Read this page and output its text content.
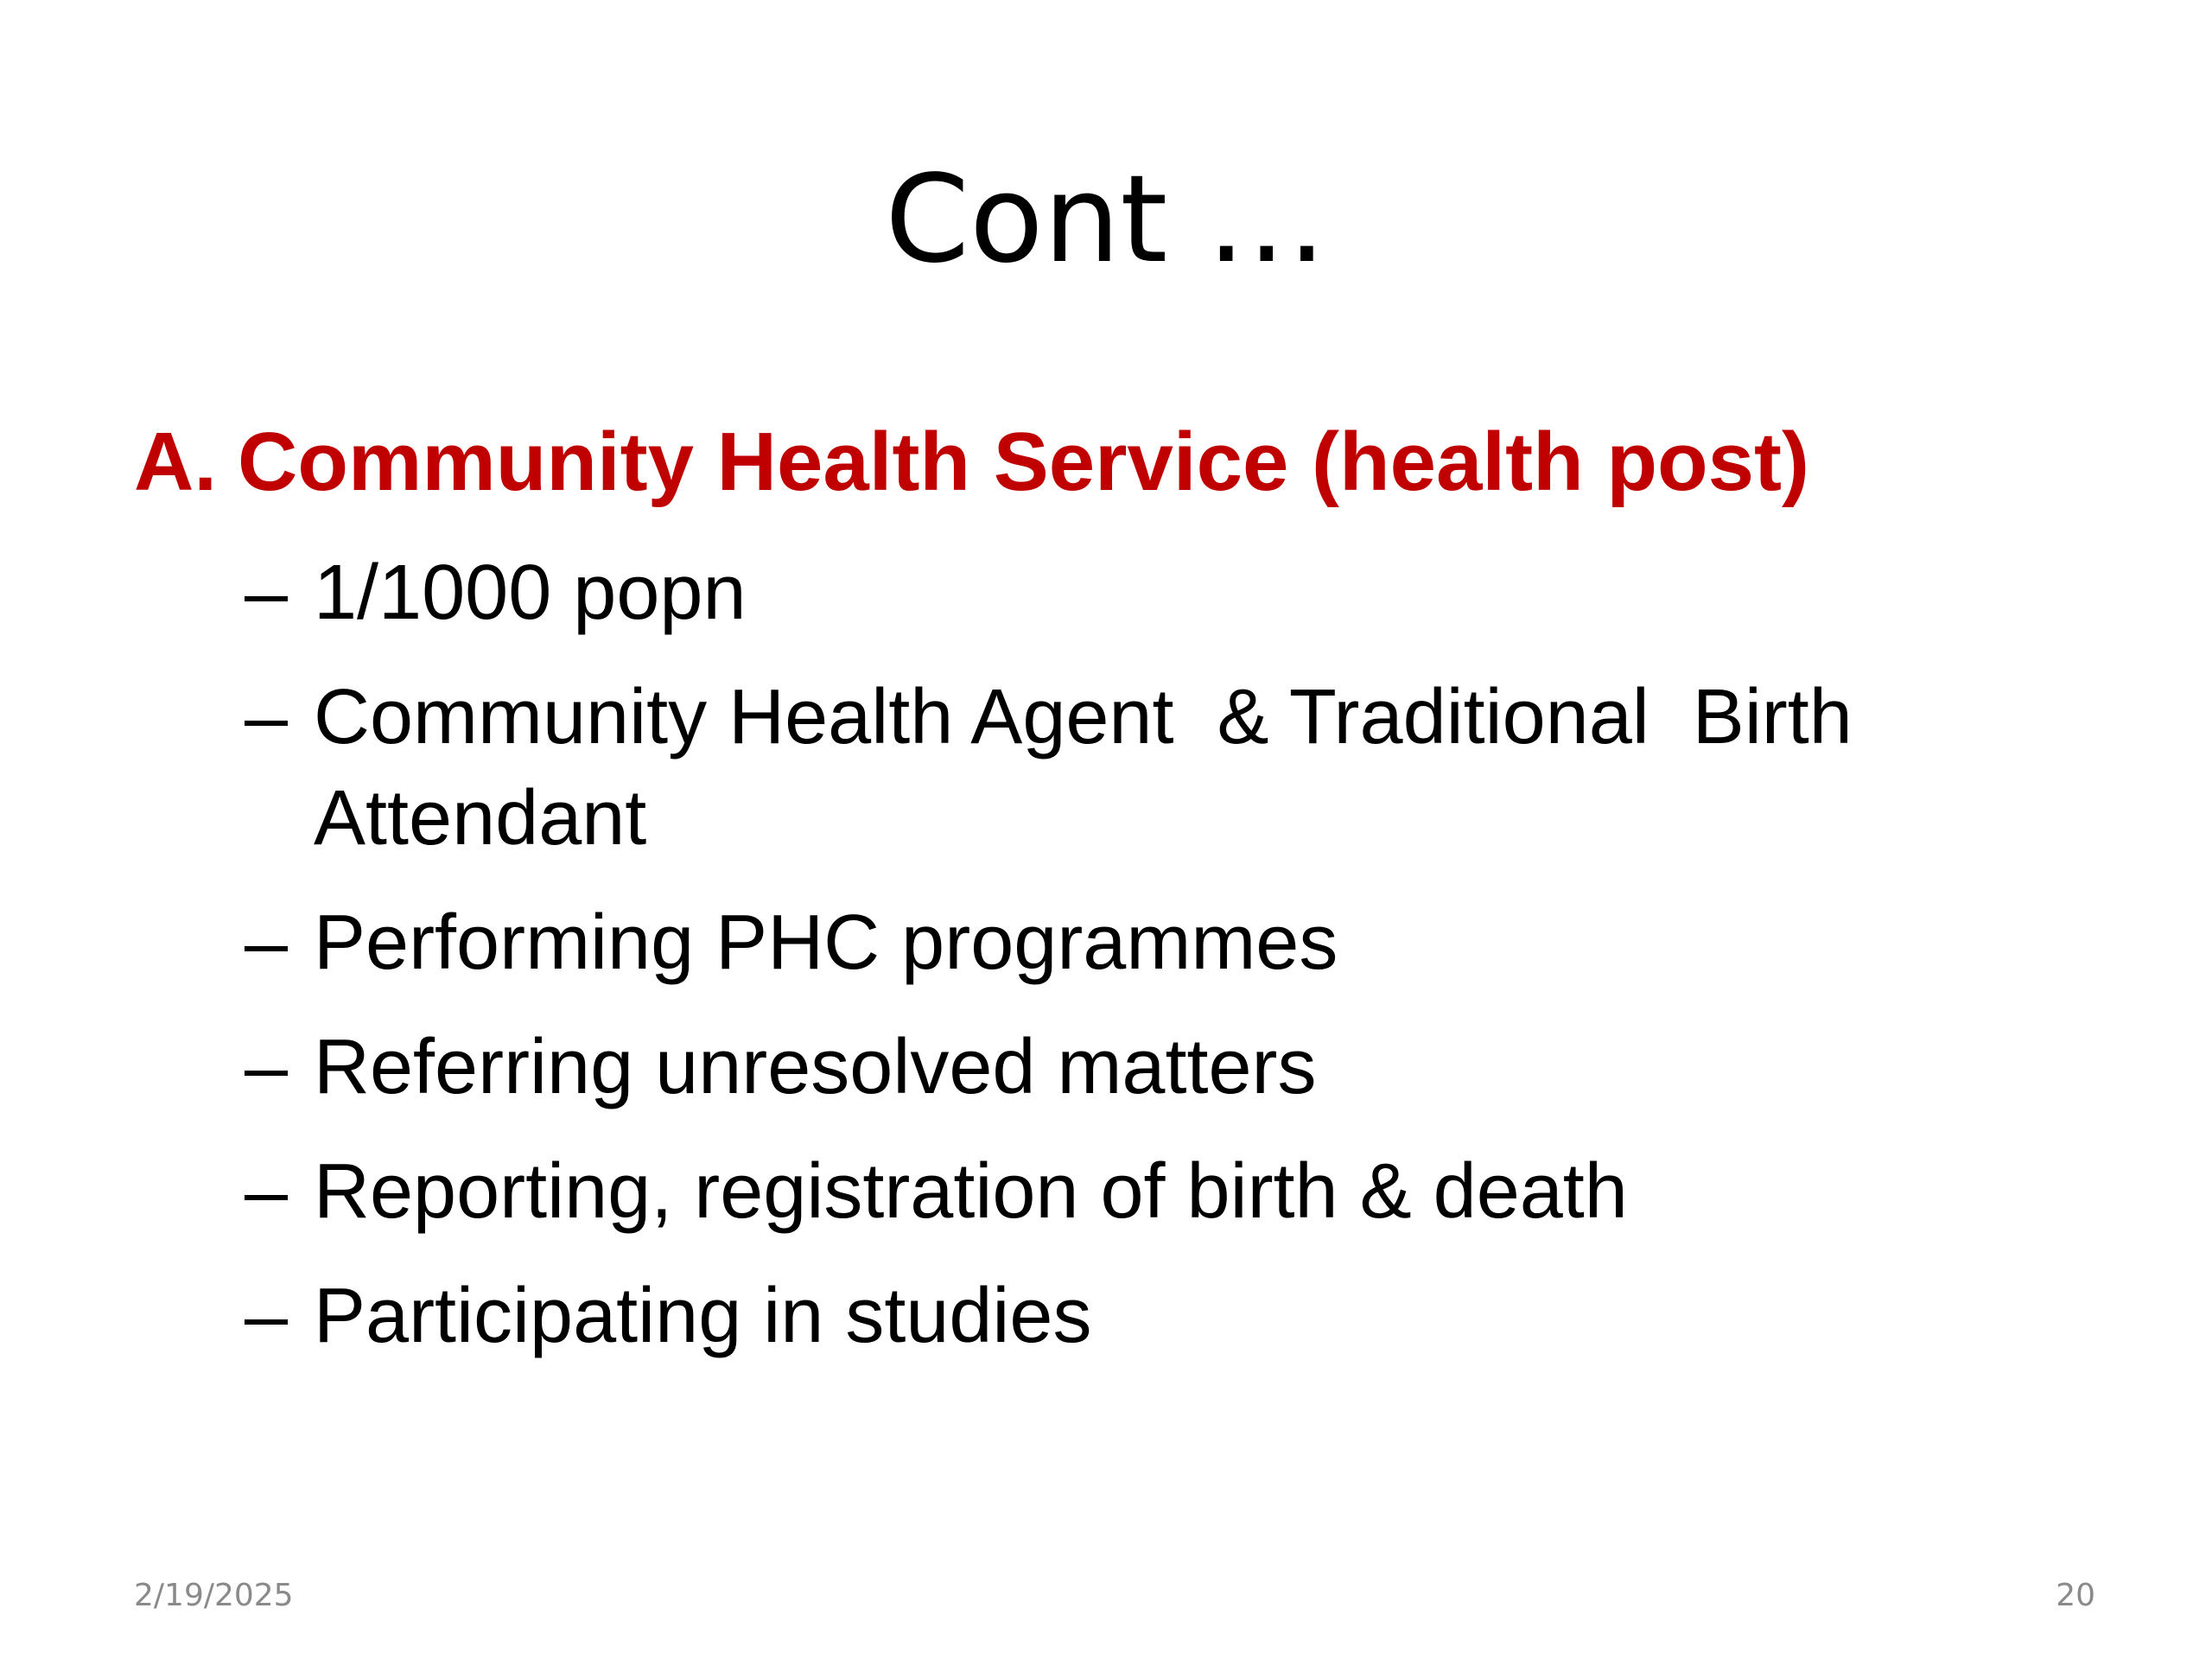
Cont …
A. Community Health Service (health post)
– 1/1000 popn
– Community Health Agent  & Traditional  Birth Attendant
– Performing PHC programmes
– Referring unresolved matters
– Reporting, registration of birth & death
– Participating in studies
2/19/2025	20
